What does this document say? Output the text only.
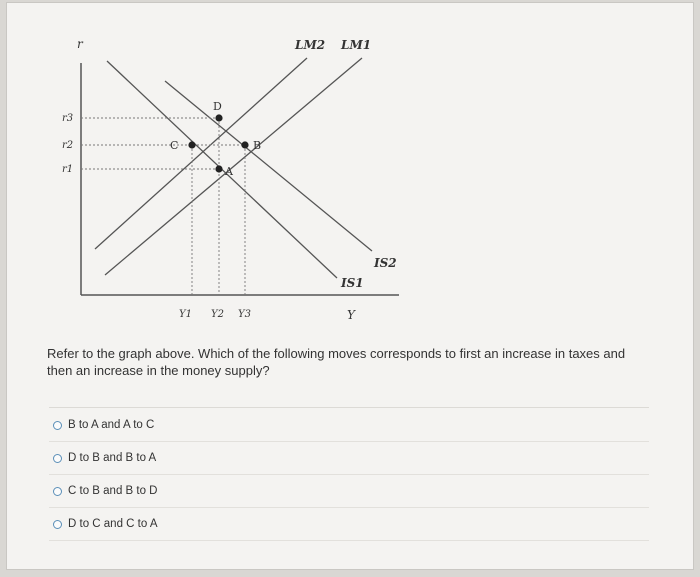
r
Y
r3
r2
r1
Y1 Y2 Y3
LM2 LM1
IS1
IS2
D
C	B
A
Refer to the graph above. Which of the following moves corresponds to first an increase in taxes and then an increase in the money supply?
B to A and A to C
D to B and B to A
C to B and B to D
D to C and C to A
